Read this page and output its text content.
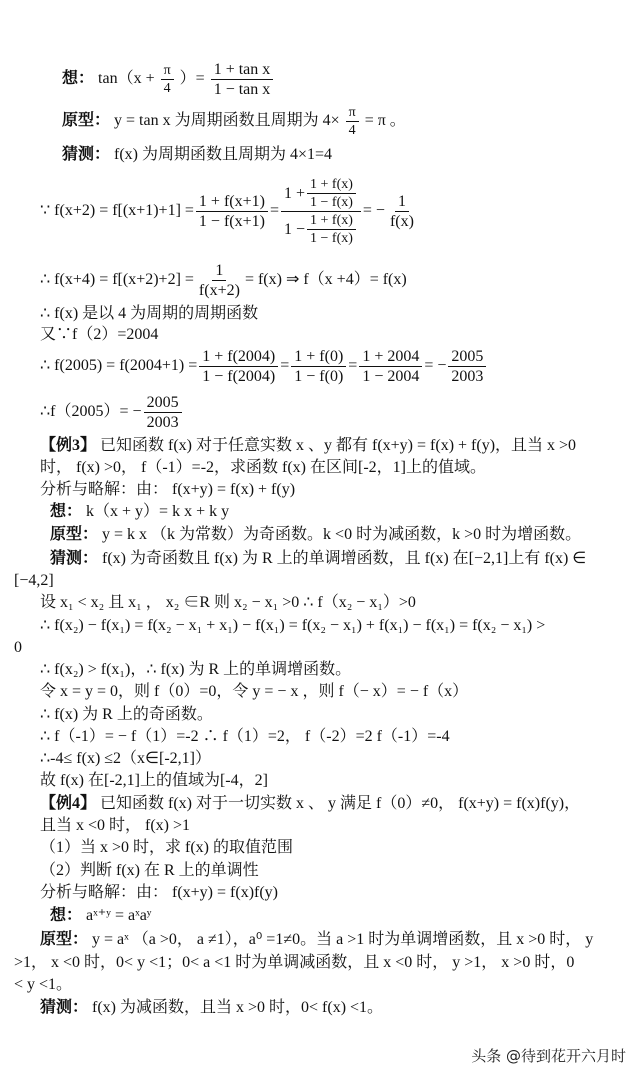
想： $\tan(x + \frac{\pi}{4}$ ）= $\frac{\text{1 + tan x}}{\text{1 − tan x}}$
原型： y = tan x 为周期函数且周期为 $4\times \frac{\pi}{4} = \pi$ 。
猜测： f(x) 为周期函数且周期为 4×1=4
∵ $f(x+2) = f[(x+1)+1] = \frac{1 + f(x+1)}{1 - f(x+1)} = \frac{1 + \frac{1 + f(x)}{1 - f(x)}}{1 - \frac{1 + f(x)}{1 - f(x)}}$ = − $\frac{1}{f(x)}$
∴ $f(x+4) = f[(x+2)+2] = \frac{1}{f(x+2)} = f(x)$ ⇒ f（x +4）= f(x)
∴ f(x) 是以 4 为周期的周期函数
又∵f（2）=2004
∴ $f(2005) = f(2004+1) = \frac{1 + f(2004)}{1 - f(2004)} = \frac{1 + f(0)}{1 - f(0)} = \frac{1 + 2004}{1 - 2004}$ = − $\frac{2005}{2003}$
∴f（2005）= − $\frac{2005}{2003}$
【例3】 已知函数 f(x) 对于任意实数 x 、y 都有 f(x+y) = f(x) + f(y)，且当 x >0
时， f(x) >0， f（-1）=-2，求函数 f(x) 在区间[-2，1]上的值域。
分析与略解：由： f(x+y) = f(x) + f(y)
想： k（x + y）= k x + k y
原型： y = k x （k 为常数）为奇函数。k <0 时为减函数，k >0 时为增函数。
猜测： f(x) 为奇函数且 f(x) 为 R 上的单调增函数，且 f(x) 在[−2,1]上有 f(x) ∈
[−4,2]
设 x₁ < x₂ 且 x₁ ， x₂ ∈R 则 x₂ − x₁ >0 ∴ f（x₂ − x₁）>0
∴ f(x₂) − f(x₁) = f(x₂ − x₁ + x₁) − f(x₁) = f(x₂ − x₁) + f(x₁) − f(x₁) = f(x₂ − x₁) >
0
∴ f(x₂) > f(x₁)，∴ f(x) 为 R 上的单调增函数。
令 x = y = 0，则 f（0）=0，令 y = − x ，则 f（− x）= − f（x）
∴ f(x) 为 R 上的奇函数。
∴ f（-1）= − f（1）=-2 ∴ f（1）=2， f（-2）=2 f（-1）=-4
∴-4≤ f(x) ≤2（x∈[-2,1]）
故 f(x) 在[-2,1]上的值域为[-4，2]
【例4】 已知函数 f(x) 对于一切实数 x 、 y 满足 f（0）≠0， f(x+y) = f(x)f(y)，
且当 x <0 时， f(x) >1
（1）当 x >0 时，求 f(x) 的取值范围
（2）判断 f(x) 在 R 上的单调性
分析与略解：由： f(x+y) = f(x)f(y)
想： aˣ⁺ʸ = aˣaʸ
原型： y = aˣ （a >0， a ≠1），a⁰ =1≠0。当 a >1 时为单调增函数，且 x >0 时， y
>1， x <0 时，0< y <1；0< a <1 时为单调减函数，且 x <0 时， y >1， x >0 时，0
< y <1。
猜测： f(x) 为减函数，且当 x >0 时，0< f(x) <1。
头条 @待到花开六月时
